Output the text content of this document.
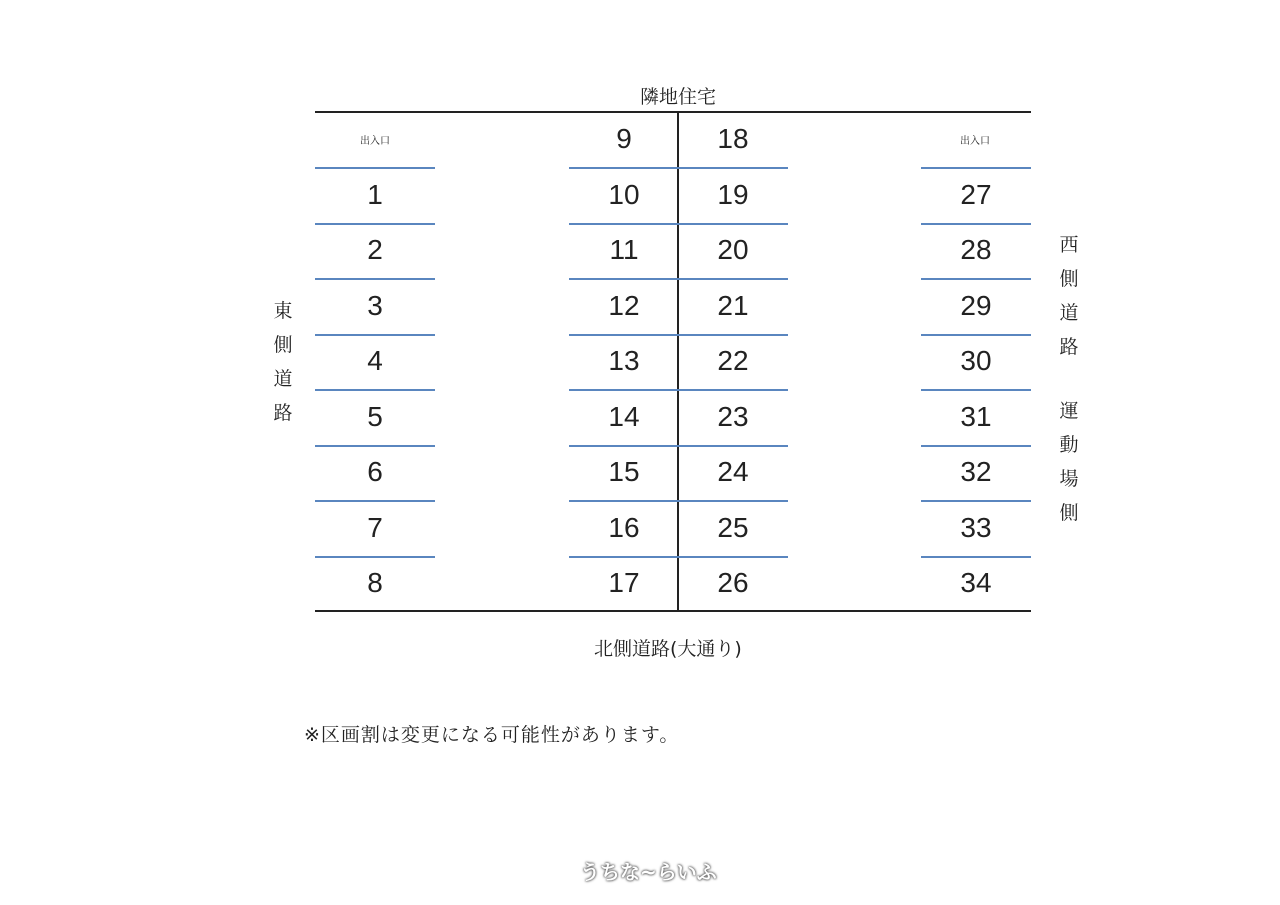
隣地住宅
北側道路(大通り)
東
側
道
路
西
側
道
路
運
動
場
側
出入口	出入口
1
2
3
4
5
6
7
8
9
10
11
12
13
14
15
16
17
18
19
20
21
22
23
24
25
26
27
28
29
30
31
32
33
34
※区画割は変更になる可能性があります。
うちな~らいふ
